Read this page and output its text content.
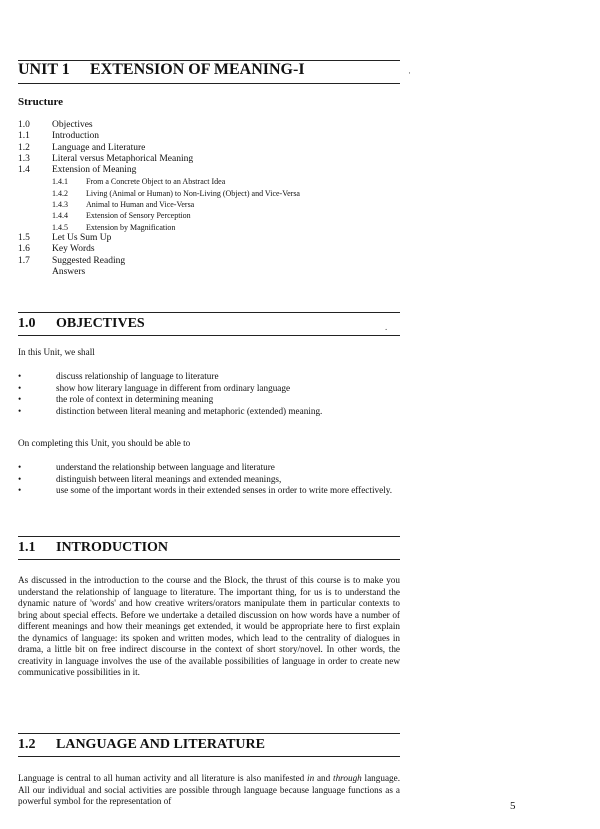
UNIT 1 EXTENSION OF MEANING-I	·
Structure
1.0	Objectives
1.1	Introduction
1.2	Language and Literature
1.3	Literal versus Metaphorical Meaning
1.4	Extension of Meaning
1.4.1	From a Concrete Object to an Abstract Idea
1.4.2	Living (Animal or Human) to Non-Living (Object) and Vice-Versa
1.4.3	Animal to Human and Vice-Versa
1.4.4	Extension of Sensory Perception
1.4.5	Extension by Magnification
1.5	Let Us Sum Up
1.6	Key Words
1.7	Suggested Reading
Answers
1.0 OBJECTIVES	.
In this Unit, we shall
•	discuss relationship of language to literature
•	show how literary language in different from ordinary language
•	the role of context in determining meaning
•	distinction between literal meaning and metaphoric (extended) meaning.
On completing this Unit, you should be able to
•	understand the relationship between language and literature
•	distinguish between literal meanings and extended meanings,
•	use some of the important words in their extended senses in order to write more effectively.
1.1 INTRODUCTION
As discussed in the introduction to the course and the Block, the thrust of this course is to make you understand the relationship of language to literature. The important thing, for us is to understand the dynamic nature of 'words' and how creative writers/orators manipulate them in particular contexts to bring about special effects. Before we undertake a detailed discussion on how words have a number of different meanings and how their meanings get extended, it would be appropriate here to first explain the dynamics of language: its spoken and written modes, which lead to the centrality of dialogues in drama, a little bit on free indirect discourse in the context of short story/novel. In other words, the creativity in language involves the use of the available possibilities of language in order to create new communicative possibilities in it.
1.2 LANGUAGE AND LITERATURE
Language is central to all human activity and all literature is also manifested in and through language. All our individual and social activities are possible through language because language functions as a powerful symbol for the representation of	5
